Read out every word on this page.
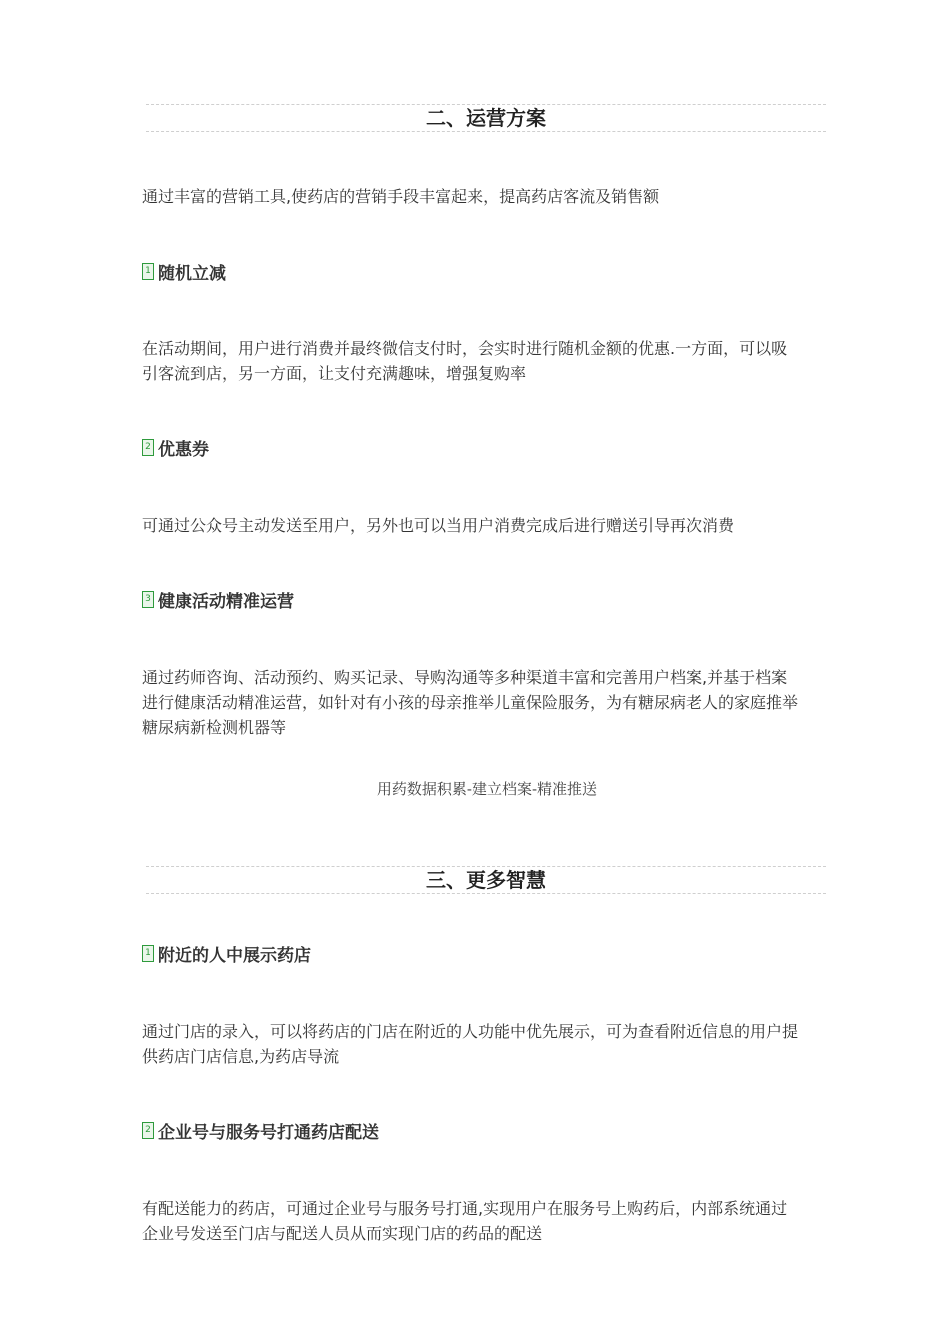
二、运营方案
通过丰富的营销工具,使药店的营销手段丰富起来，提高药店客流及销售额
1 随机立减
在活动期间，用户进行消费并最终微信支付时，会实时进行随机金额的优惠.一方面，可以吸
引客流到店，另一方面，让支付充满趣味，增强复购率
2 优惠券
可通过公众号主动发送至用户，另外也可以当用户消费完成后进行赠送引导再次消费
3 健康活动精准运营
通过药师咨询、活动预约、购买记录、导购沟通等多种渠道丰富和完善用户档案,并基于档案
进行健康活动精准运营，如针对有小孩的母亲推举儿童保险服务，为有糖尿病老人的家庭推举
糖尿病新检测机器等
用药数据积累-建立档案-精准推送
三、更多智慧
1 附近的人中展示药店
通过门店的录入，可以将药店的门店在附近的人功能中优先展示，可为查看附近信息的用户提
供药店门店信息,为药店导流
2 企业号与服务号打通药店配送
有配送能力的药店，可通过企业号与服务号打通,实现用户在服务号上购药后，内部系统通过
企业号发送至门店与配送人员从而实现门店的药品的配送
